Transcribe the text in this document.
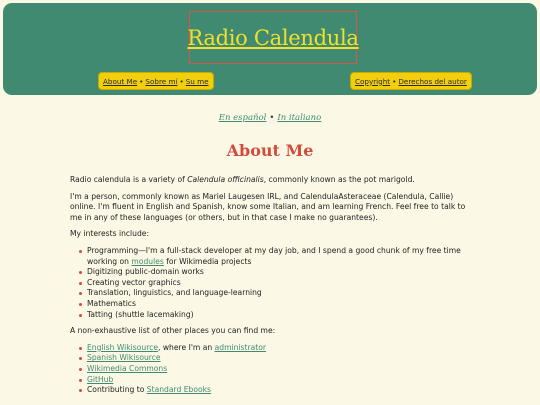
Radio Calendula
About Me • Sobre mí • Su me	Copyright • Derechos del autor
En español • In italiano
About Me

Radio calendula is a variety of Calendula officinalis, commonly known as the pot marigold.

I'm a person, commonly known as Mariel Laugesen IRL, and CalendulaAsteraceae (Calendula, Callie) online. I'm fluent in English and Spanish, know some Italian, and am learning French. Feel free to talk to me in any of these languages (or others, but in that case I make no guarantees).

My interests include:

Programming—I'm a full-stack developer at my day job, and I spend a good chunk of my free time working on modules for Wikimedia projects
Digitizing public-domain works
Creating vector graphics
Translation, linguistics, and language-learning
Mathematics
Tatting (shuttle lacemaking)

A non-exhaustive list of other places you can find me:

English Wikisource, where I'm an administrator
Spanish Wikisource
Wikimedia Commons
GitHub
Contributing to Standard Ebooks
